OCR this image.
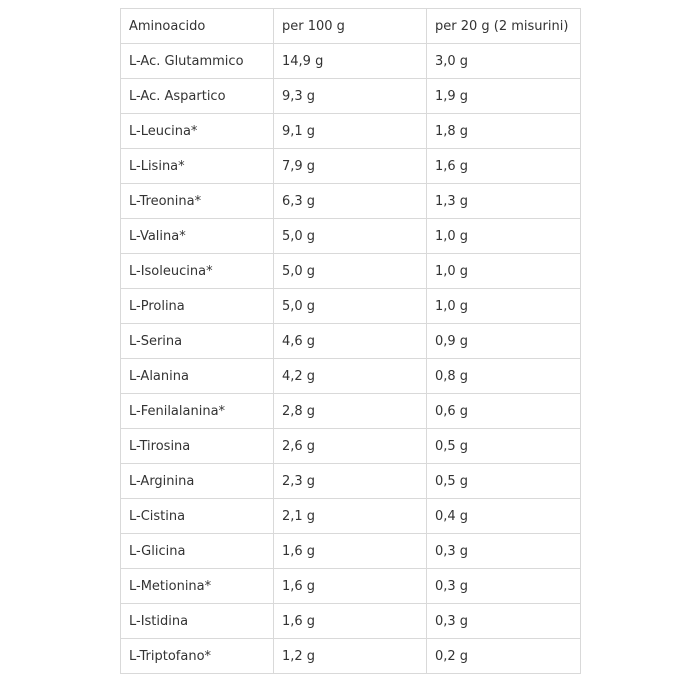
Aminoacido	per 100 g	per 20 g (2 misurini)
L-Ac. Glutammico	14,9 g	3,0 g
L-Ac. Aspartico	9,3 g	1,9 g
L-Leucina*	9,1 g	1,8 g
L-Lisina*	7,9 g	1,6 g
L-Treonina*	6,3 g	1,3 g
L-Valina*	5,0 g	1,0 g
L-Isoleucina*	5,0 g	1,0 g
L-Prolina	5,0 g	1,0 g
L-Serina	4,6 g	0,9 g
L-Alanina	4,2 g	0,8 g
L-Fenilalanina*	2,8 g	0,6 g
L-Tirosina	2,6 g	0,5 g
L-Arginina	2,3 g	0,5 g
L-Cistina	2,1 g	0,4 g
L-Glicina	1,6 g	0,3 g
L-Metionina*	1,6 g	0,3 g
L-Istidina	1,6 g	0,3 g
L-Triptofano*	1,2 g	0,2 g
